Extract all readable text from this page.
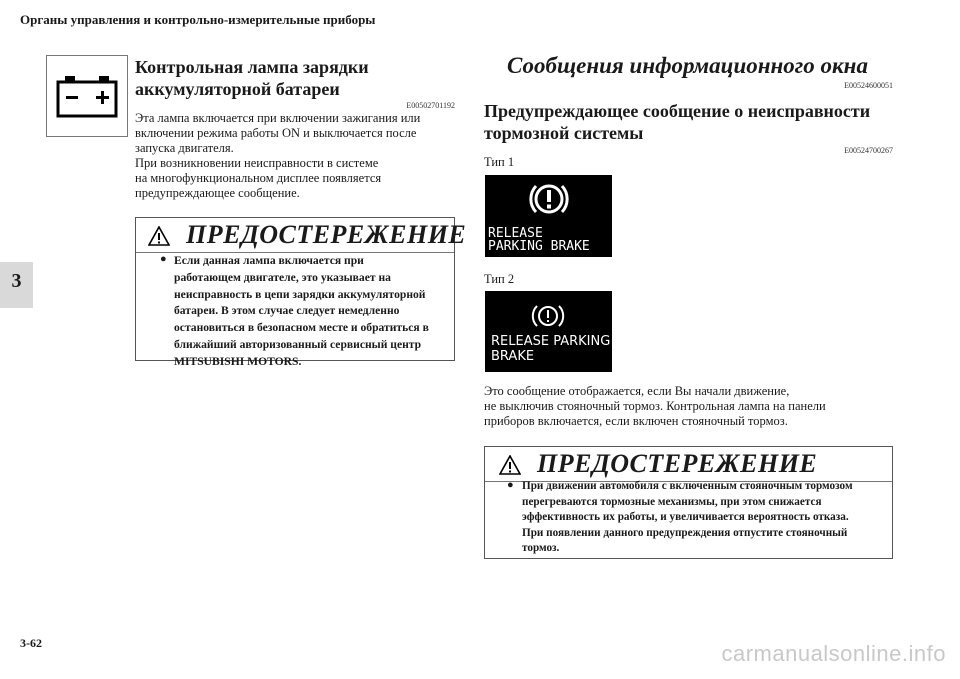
Органы управления и контрольно-измерительные приборы
3
3-62	carmanualsonline.info
Контрольная лампа зарядки
аккумуляторной батареи
E00502701192
Эта лампа включается при включении зажигания или
включении режима работы ON и выключается после
запуска двигателя.
При возникновении неисправности в системе
на многофункциональном дисплее появляется
предупреждающее сообщение.
ПРЕДОСТЕРЕЖЕНИЕ
● Если данная лампа включается при
работающем двигателе, это указывает на
неисправность в цепи зарядки аккумуляторной
батареи. В этом случае следует немедленно
остановиться в безопасном месте и обратиться в
ближайший авторизованный сервисный центр
MITSUBISHI MOTORS.
Сообщения информационного окна
E00524600051
Предупреждающее сообщение о неисправности
тормозной системы
E00524700267
Тип 1
RELEASE
PARKING BRAKE
Тип 2
RELEASE PARKING
BRAKE
Это сообщение отображается, если Вы начали движение,
не выключив стояночный тормоз. Контрольная лампа на панели
приборов включается, если включен стояночный тормоз.
ПРЕДОСТЕРЕЖЕНИЕ
● При движении автомобиля с включенным стояночным тормозом
перегреваются тормозные механизмы, при этом снижается
эффективность их работы, и увеличивается вероятность отказа.
При появлении данного предупреждения отпустите стояночный
тормоз.
